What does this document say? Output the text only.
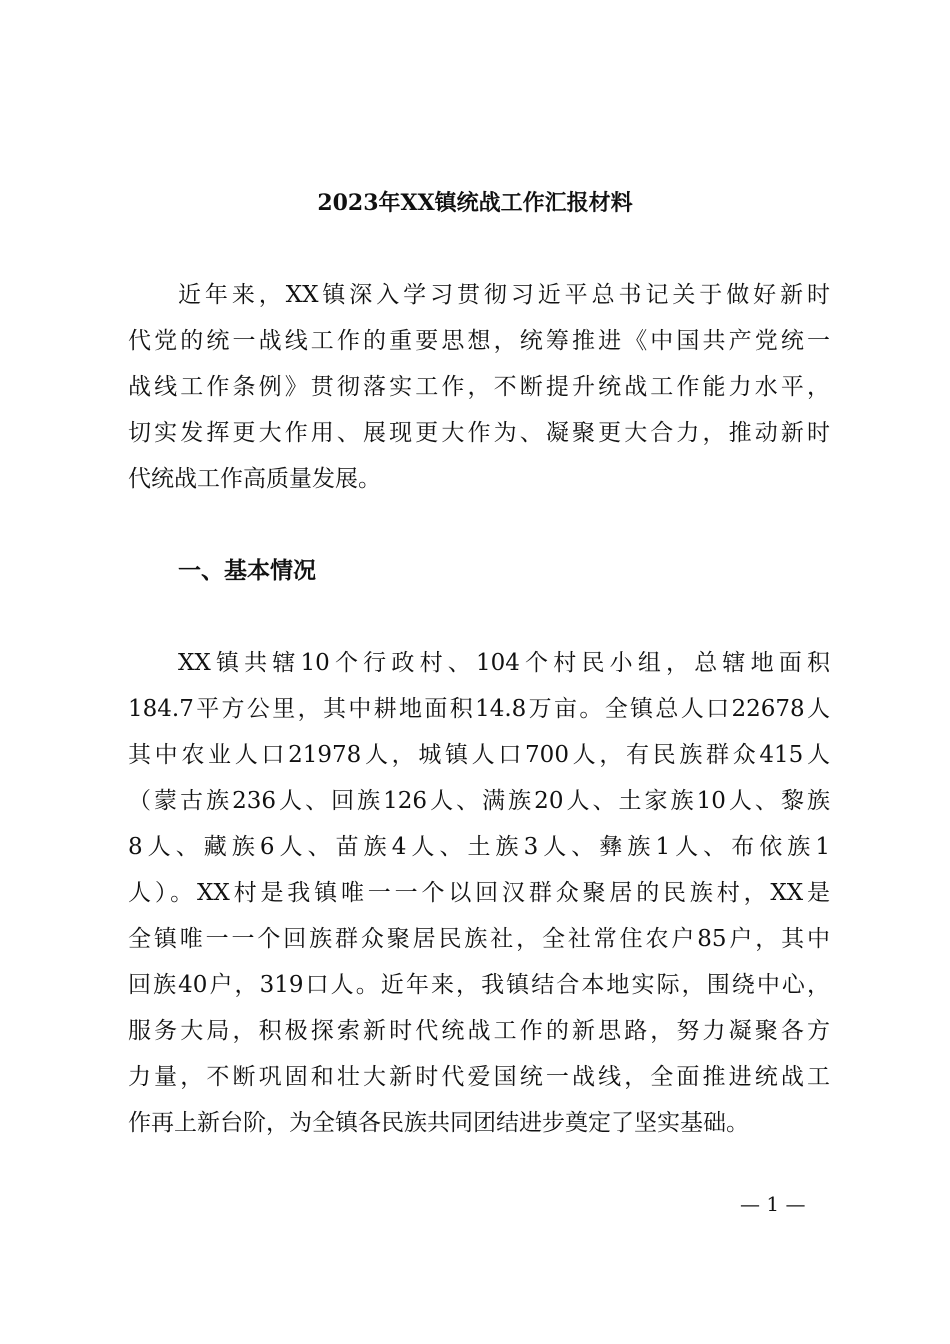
2023年XX镇统战工作汇报材料
近年来，XX镇深入学习贯彻习近平总书记关于做好新时
代党的统一战线工作的重要思想，统筹推进《中国共产党统一
战线工作条例》贯彻落实工作，不断提升统战工作能力水平，
切实发挥更大作用、展现更大作为、凝聚更大合力，推动新时
代统战工作高质量发展。
一、基本情况
XX镇共辖10个行政村、104个村民小组，总辖地面积
184.7平方公里，其中耕地面积14.8万亩。全镇总人口22678人
其中农业人口21978人，城镇人口700人，有民族群众415人
（蒙古族236人、回族126人、满族20人、土家族10人、黎族
8人、藏族6人、苗族4人、土族3人、彝族1人、布依族1
人）。XX村是我镇唯一一个以回汉群众聚居的民族村，XX是
全镇唯一一个回族群众聚居民族社，全社常住农户85户，其中
回族40户，319口人。近年来，我镇结合本地实际，围绕中心，
服务大局，积极探索新时代统战工作的新思路，努力凝聚各方
力量，不断巩固和壮大新时代爱国统一战线，全面推进统战工
作再上新台阶，为全镇各民族共同团结进步奠定了坚实基础。
— 1 —
